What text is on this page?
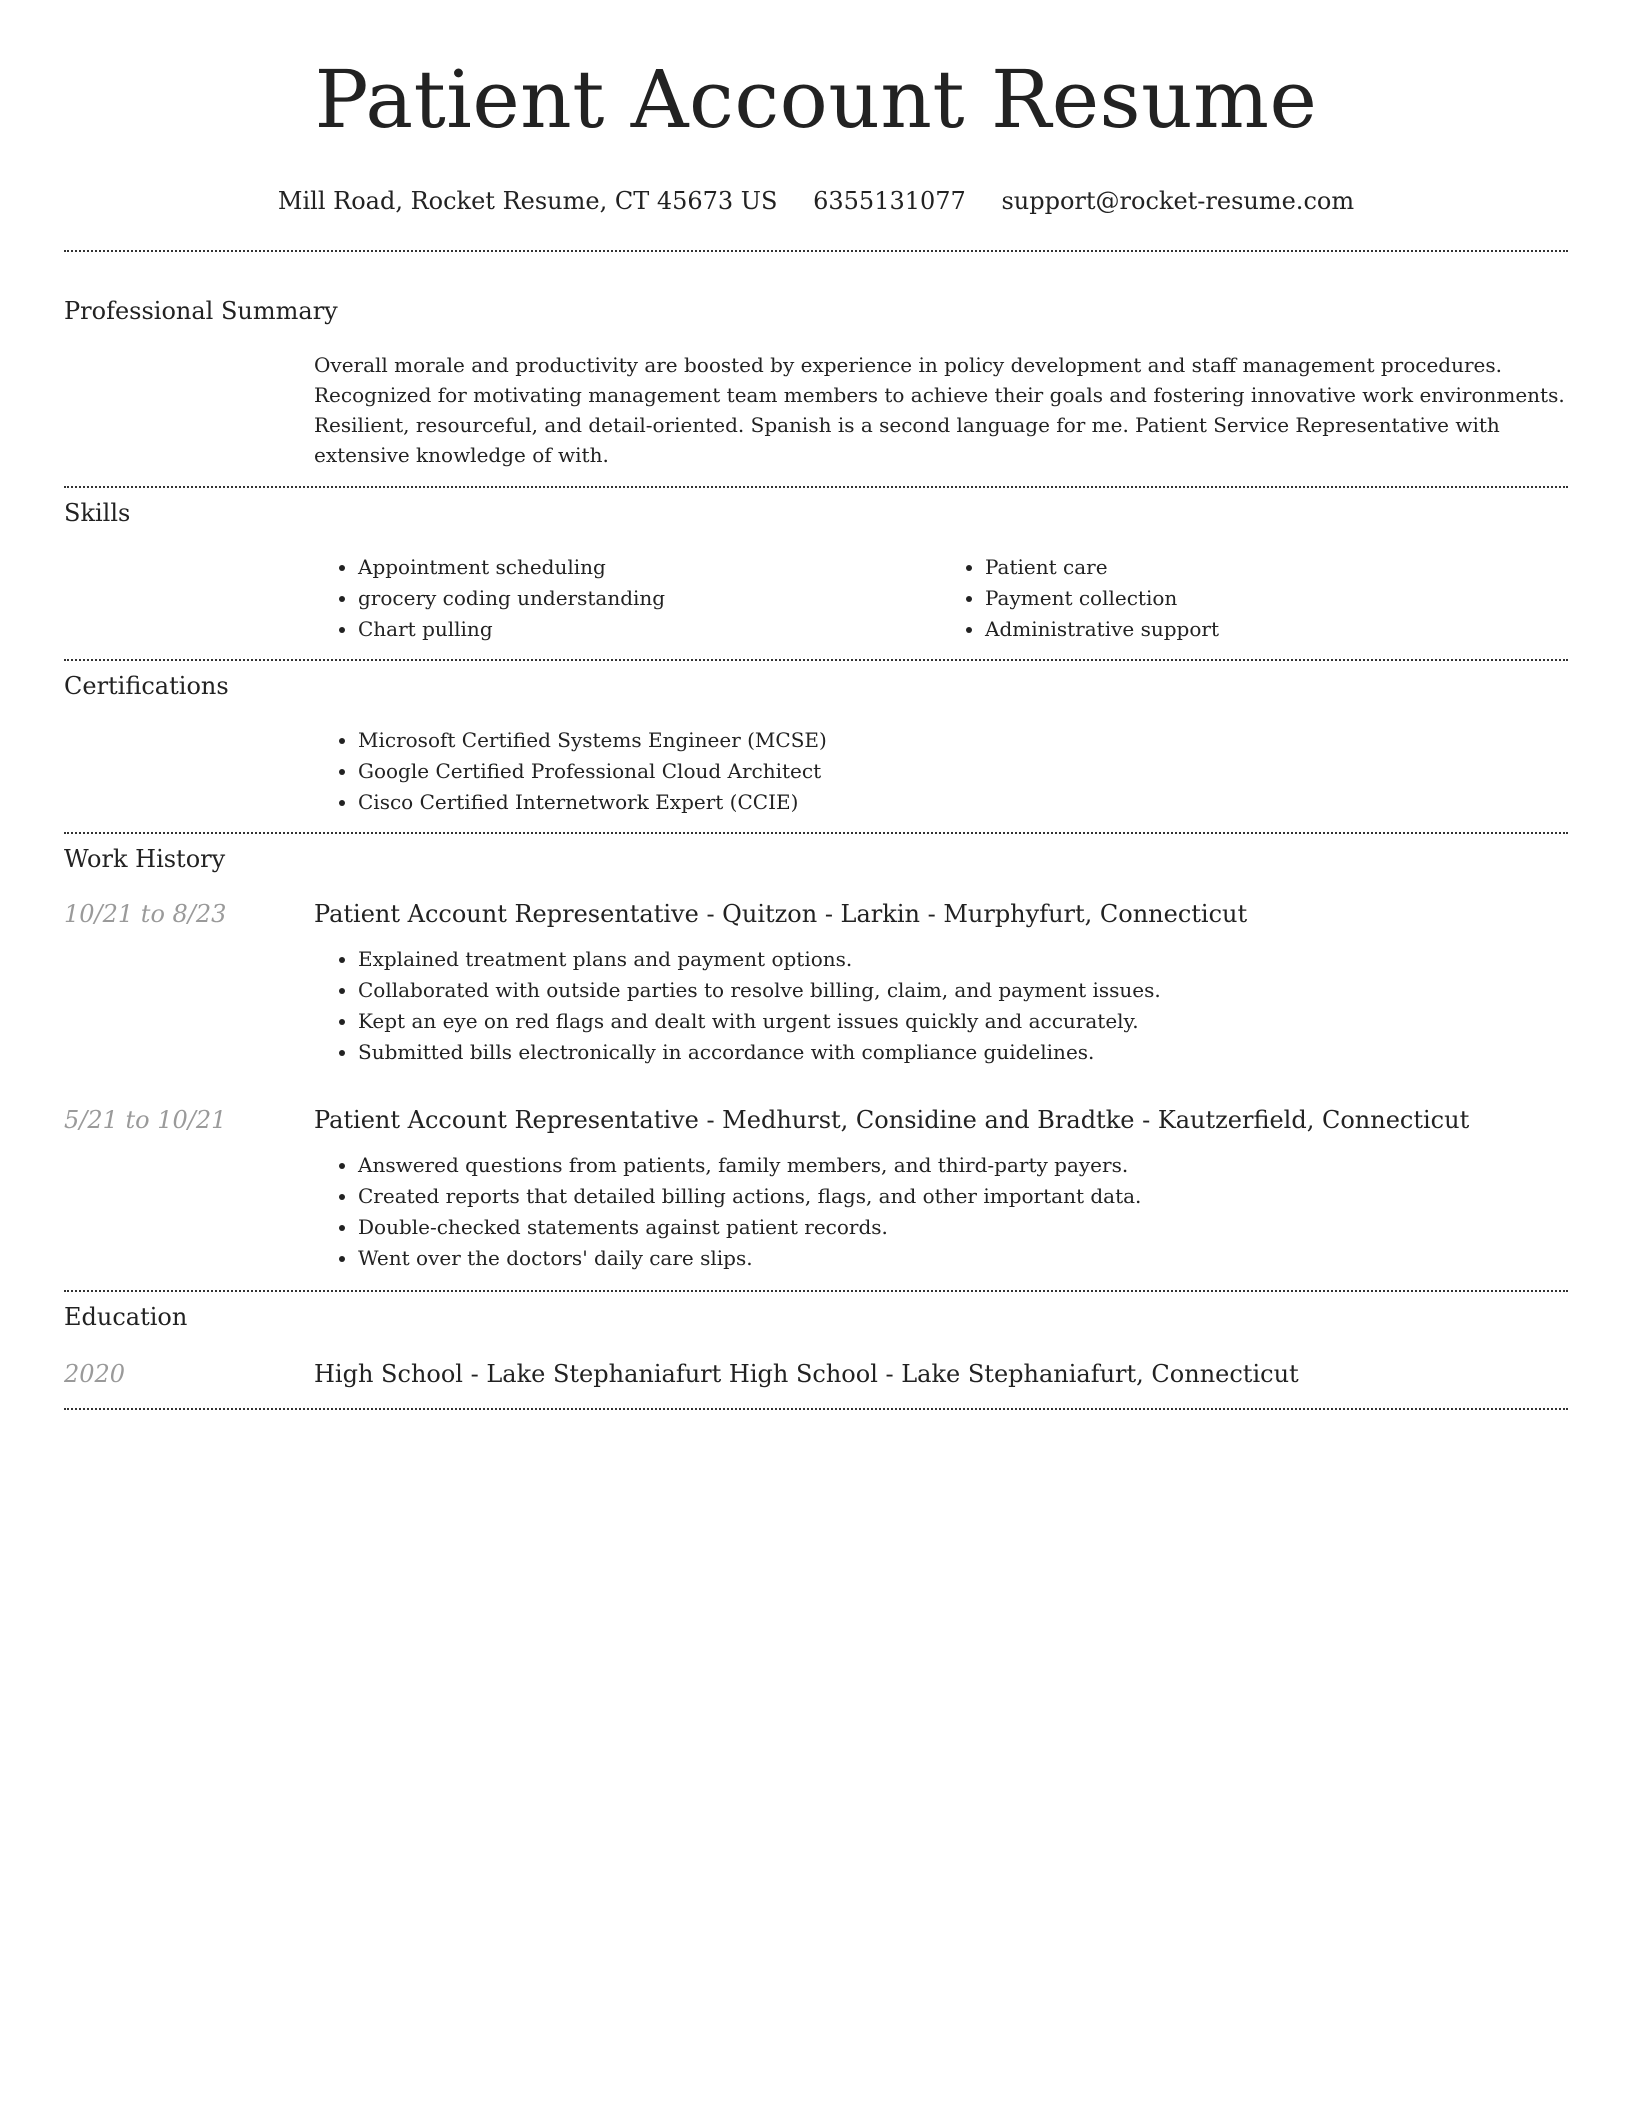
Patient Account Resume
Mill Road, Rocket Resume, CT 45673 US 6355131077 support@rocket-resume.com
Professional Summary

Overall morale and productivity are boosted by experience in policy development and staff management procedures. Recognized for motivating management team members to achieve their goals and fostering innovative work environments. Resilient, resourceful, and detail-oriented. Spanish is a second language for me. Patient Service Representative with extensive knowledge of with.

Skills
• Appointment scheduling
• grocery coding understanding
• Chart pulling
• Patient care
• Payment collection
• Administrative support
Certifications
• Microsoft Certified Systems Engineer (MCSE)
• Google Certified Professional Cloud Architect
• Cisco Certified Internetwork Expert (CCIE)
Work History
10/21 to 8/23	Patient Account Representative - Quitzon - Larkin - Murphyfurt, Connecticut
• Explained treatment plans and payment options.
• Collaborated with outside parties to resolve billing, claim, and payment issues.
• Kept an eye on red flags and dealt with urgent issues quickly and accurately.
• Submitted bills electronically in accordance with compliance guidelines.
5/21 to 10/21	Patient Account Representative - Medhurst, Considine and Bradtke - Kautzerfield, Connecticut
• Answered questions from patients, family members, and third-party payers.
• Created reports that detailed billing actions, flags, and other important data.
• Double-checked statements against patient records.
• Went over the doctors' daily care slips.
Education
2020	High School - Lake Stephaniafurt High School - Lake Stephaniafurt, Connecticut
